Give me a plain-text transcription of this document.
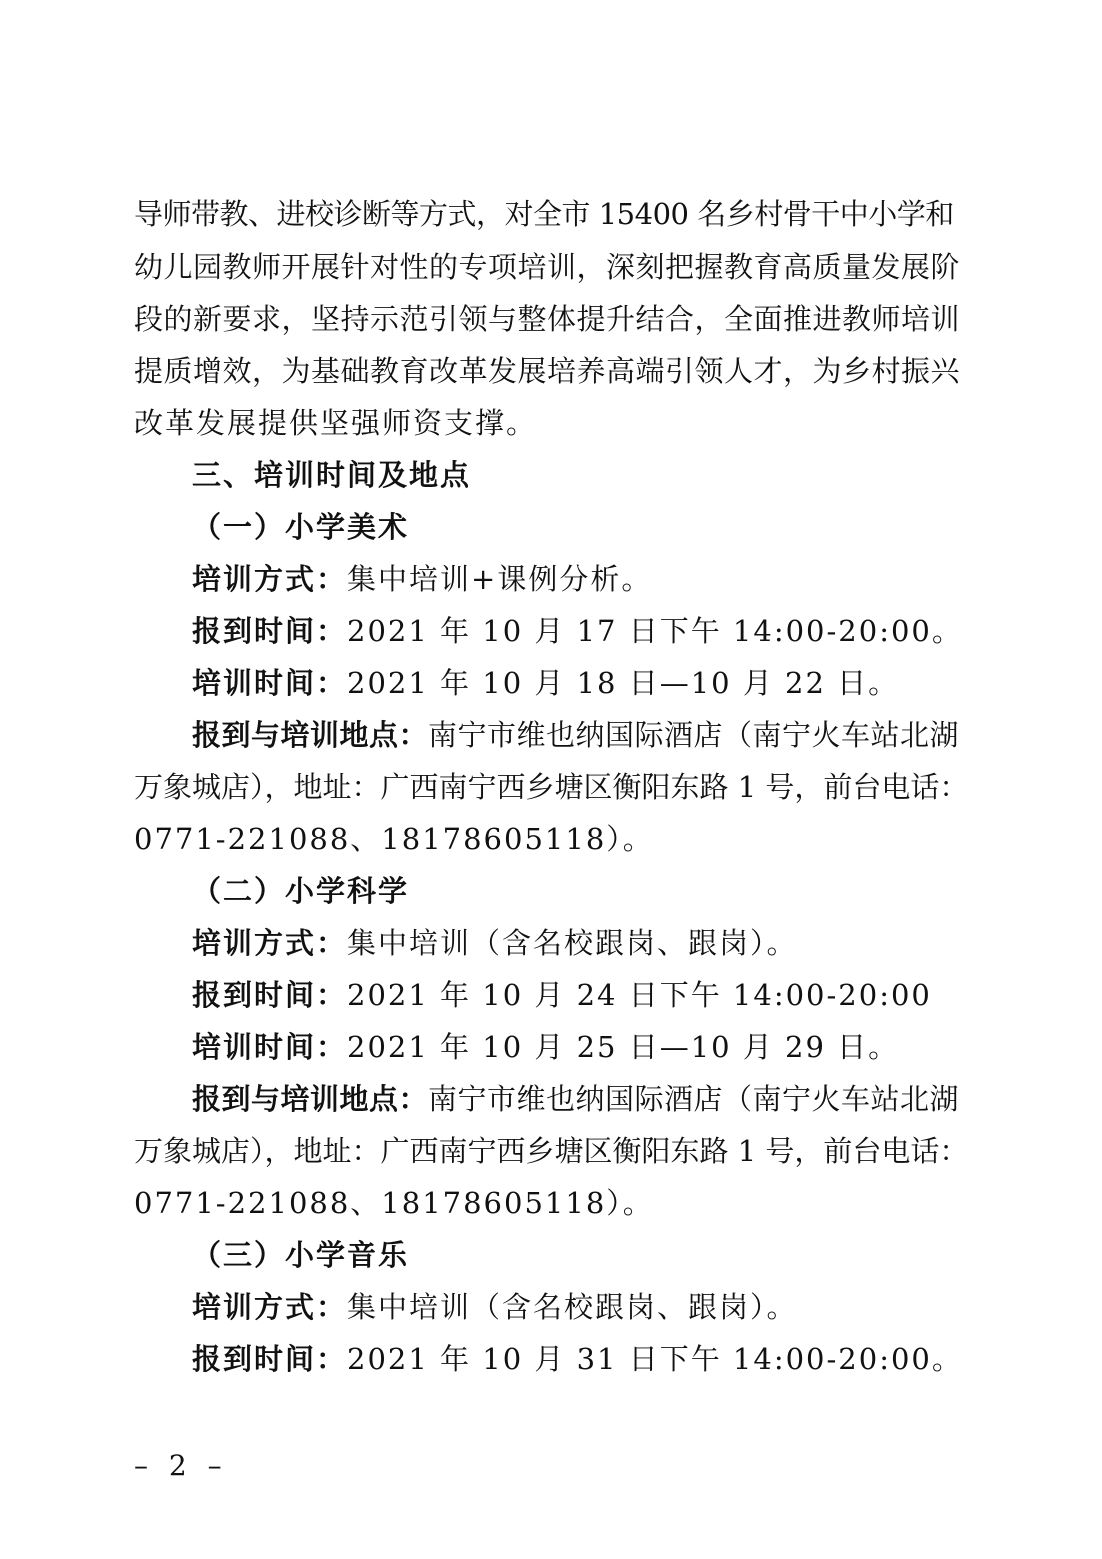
导师带教、进校诊断等方式，对全市 15400 名乡村骨干中小学和
幼儿园教师开展针对性的专项培训，深刻把握教育高质量发展阶
段的新要求，坚持示范引领与整体提升结合，全面推进教师培训
提质增效，为基础教育改革发展培养高端引领人才，为乡村振兴
改革发展提供坚强师资支撑。
三、培训时间及地点
（一）小学美术
培训方式：集中培训+课例分析。
报到时间：2021 年 10 月 17 日下午 14:00-20:00。
培训时间：2021 年 10 月 18 日—10 月 22 日。
报到与培训地点：南宁市维也纳国际酒店（南宁火车站北湖
万象城店），地址：广西南宁西乡塘区衡阳东路 1 号，前台电话：
0771-221088、18178605118）。
（二）小学科学
培训方式：集中培训（含名校跟岗、跟岗）。
报到时间：2021 年 10 月 24 日下午 14:00-20:00
培训时间：2021 年 10 月 25 日—10 月 29 日。
报到与培训地点：南宁市维也纳国际酒店（南宁火车站北湖
万象城店），地址：广西南宁西乡塘区衡阳东路 1 号，前台电话：
0771-221088、18178605118）。
（三）小学音乐
培训方式：集中培训（含名校跟岗、跟岗）。
报到时间：2021 年 10 月 31 日下午 14:00-20:00。
– 2 –
